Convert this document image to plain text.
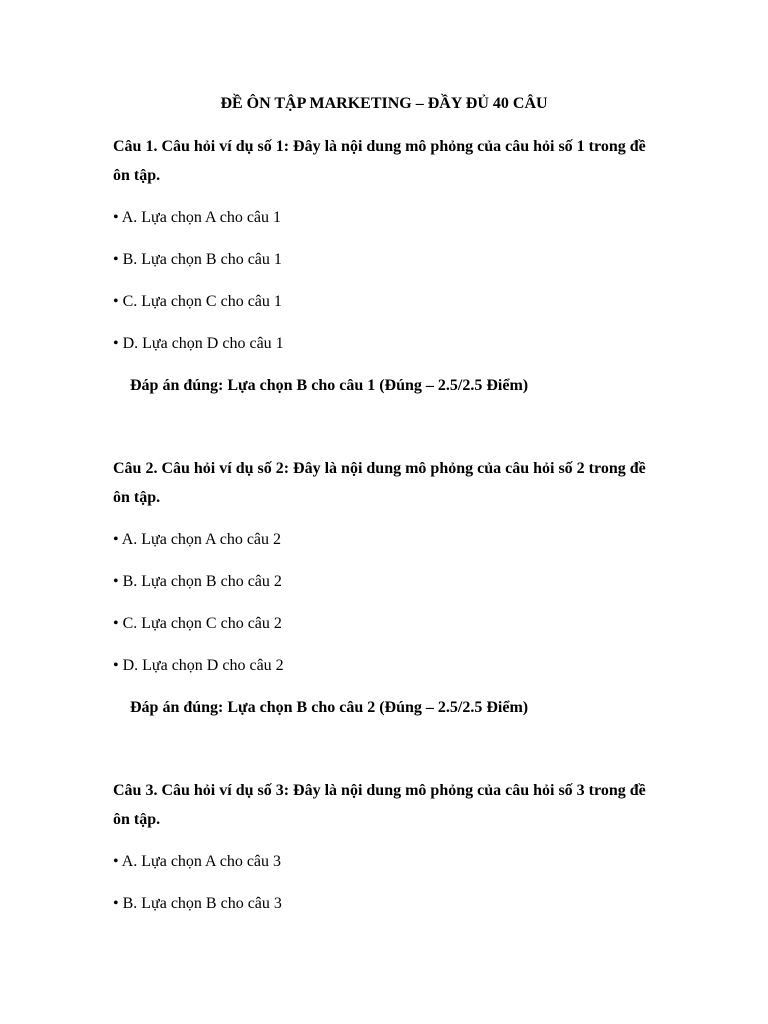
ĐỀ ÔN TẬP MARKETING – ĐẦY ĐỦ 40 CÂU

Câu 1. Câu hỏi ví dụ số 1: Đây là nội dung mô phỏng của câu hỏi số 1 trong đề ôn tập.

• A. Lựa chọn A cho câu 1
• B. Lựa chọn B cho câu 1
• C. Lựa chọn C cho câu 1
• D. Lựa chọn D cho câu 1
Đáp án đúng: Lựa chọn B cho câu 1 (Đúng – 2.5/2.5 Điểm)

Câu 2. Câu hỏi ví dụ số 2: Đây là nội dung mô phỏng của câu hỏi số 2 trong đề ôn tập.

• A. Lựa chọn A cho câu 2
• B. Lựa chọn B cho câu 2
• C. Lựa chọn C cho câu 2
• D. Lựa chọn D cho câu 2
Đáp án đúng: Lựa chọn B cho câu 2 (Đúng – 2.5/2.5 Điểm)

Câu 3. Câu hỏi ví dụ số 3: Đây là nội dung mô phỏng của câu hỏi số 3 trong đề ôn tập.

• A. Lựa chọn A cho câu 3
• B. Lựa chọn B cho câu 3
